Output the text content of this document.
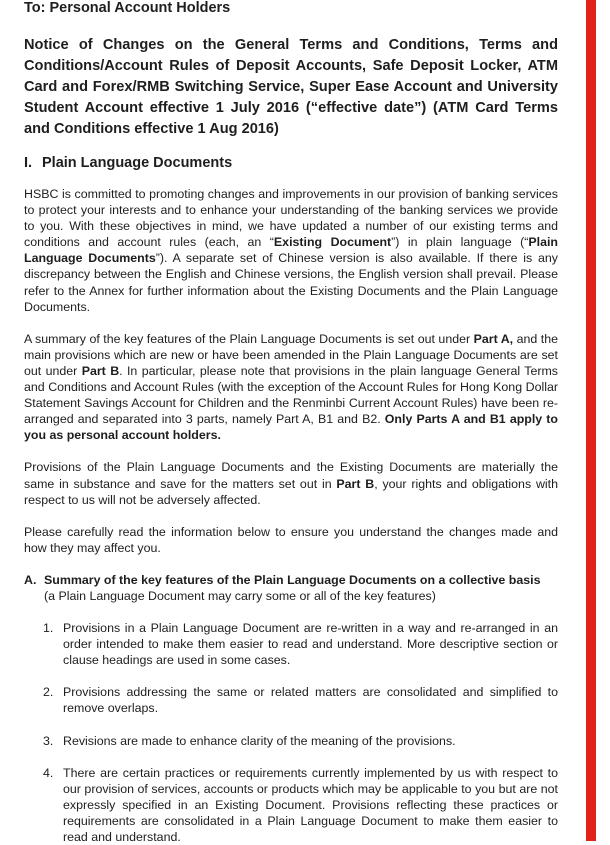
To: Personal Account Holders
Notice of Changes on the General Terms and Conditions, Terms and Conditions/Account Rules of Deposit Accounts, Safe Deposit Locker, ATM Card and Forex/RMB Switching Service, Super Ease Account and University Student Account effective 1 July 2016 (“effective date”) (ATM Card Terms and Conditions effective 1 Aug 2016)
I. Plain Language Documents

HSBC is committed to promoting changes and improvements in our provision of banking services to protect your interests and to enhance your understanding of the banking services we provide to you. With these objectives in mind, we have updated a number of our existing terms and conditions and account rules (each, an “Existing Document”) in plain language (“Plain Language Documents”). A separate set of Chinese version is also available. If there is any discrepancy between the English and Chinese versions, the English version shall prevail. Please refer to the Annex for further information about the Existing Documents and the Plain Language Documents.

A summary of the key features of the Plain Language Documents is set out under Part A, and the main provisions which are new or have been amended in the Plain Language Documents are set out under Part B. In particular, please note that provisions in the plain language General Terms and Conditions and Account Rules (with the exception of the Account Rules for Hong Kong Dollar Statement Savings Account for Children and the Renminbi Current Account Rules) have been re-arranged and separated into 3 parts, namely Part A, B1 and B2. Only Parts A and B1 apply to you as personal account holders.

Provisions of the Plain Language Documents and the Existing Documents are materially the same in substance and save for the matters set out in Part B, your rights and obligations with respect to us will not be adversely affected.

Please carefully read the information below to ensure you understand the changes made and how they may affect you.

A. Summary of the key features of the Plain Language Documents on a collective basis
(a Plain Language Document may carry some or all of the key features)
1. Provisions in a Plain Language Document are re-written in a way and re-arranged in an order intended to make them easier to read and understand. More descriptive section or clause headings are used in some cases.
2. Provisions addressing the same or related matters are consolidated and simplified to remove overlaps.
3. Revisions are made to enhance clarity of the meaning of the provisions.
4. There are certain practices or requirements currently implemented by us with respect to our provision of services, accounts or products which may be applicable to you but are not expressly specified in an Existing Document. Provisions reflecting these practices or requirements are consolidated in a Plain Language Document to make them easier to read and understand.
